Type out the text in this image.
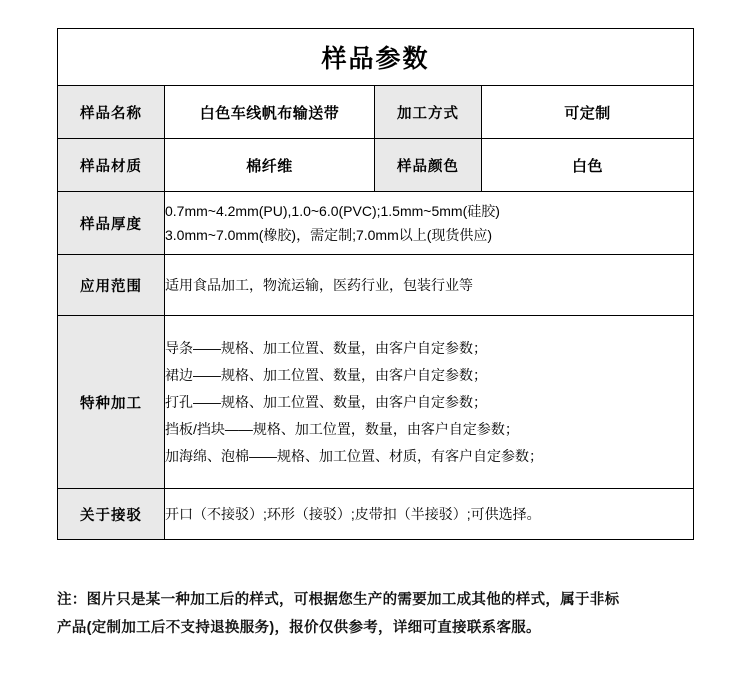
样品参数			
样品名称	白色车线帆布输送带	加工方式	可定制
样品材质	棉纤维	样品颜色	白色
样品厚度	0.7mm~4.2mm(PU),1.0~6.0(PVC);1.5mm~5mm(硅胶)
3.0mm~7.0mm(橡胶)，需定制;7.0mm以上(现货供应)		

应用范围	适用食品加工，物流运输，医药行业，包装行业等		
特种加工	导条——规格、加工位置、数量，由客户自定参数；
裙边——规格、加工位置、数量，由客户自定参数；
打孔——规格、加工位置、数量，由客户自定参数；
挡板/挡块——规格、加工位置，数量，由客户自定参数；
加海绵、泡棉——规格、加工位置、材质，有客户自定参数；		

关于接驳	开口（不接驳）;环形（接驳）;皮带扣（半接驳）;可供选择。		
注：图片只是某一种加工后的样式，可根据您生产的需要加工成其他的样式，属于非标
产品(定制加工后不支持退换服务)，报价仅供参考，详细可直接联系客服。
